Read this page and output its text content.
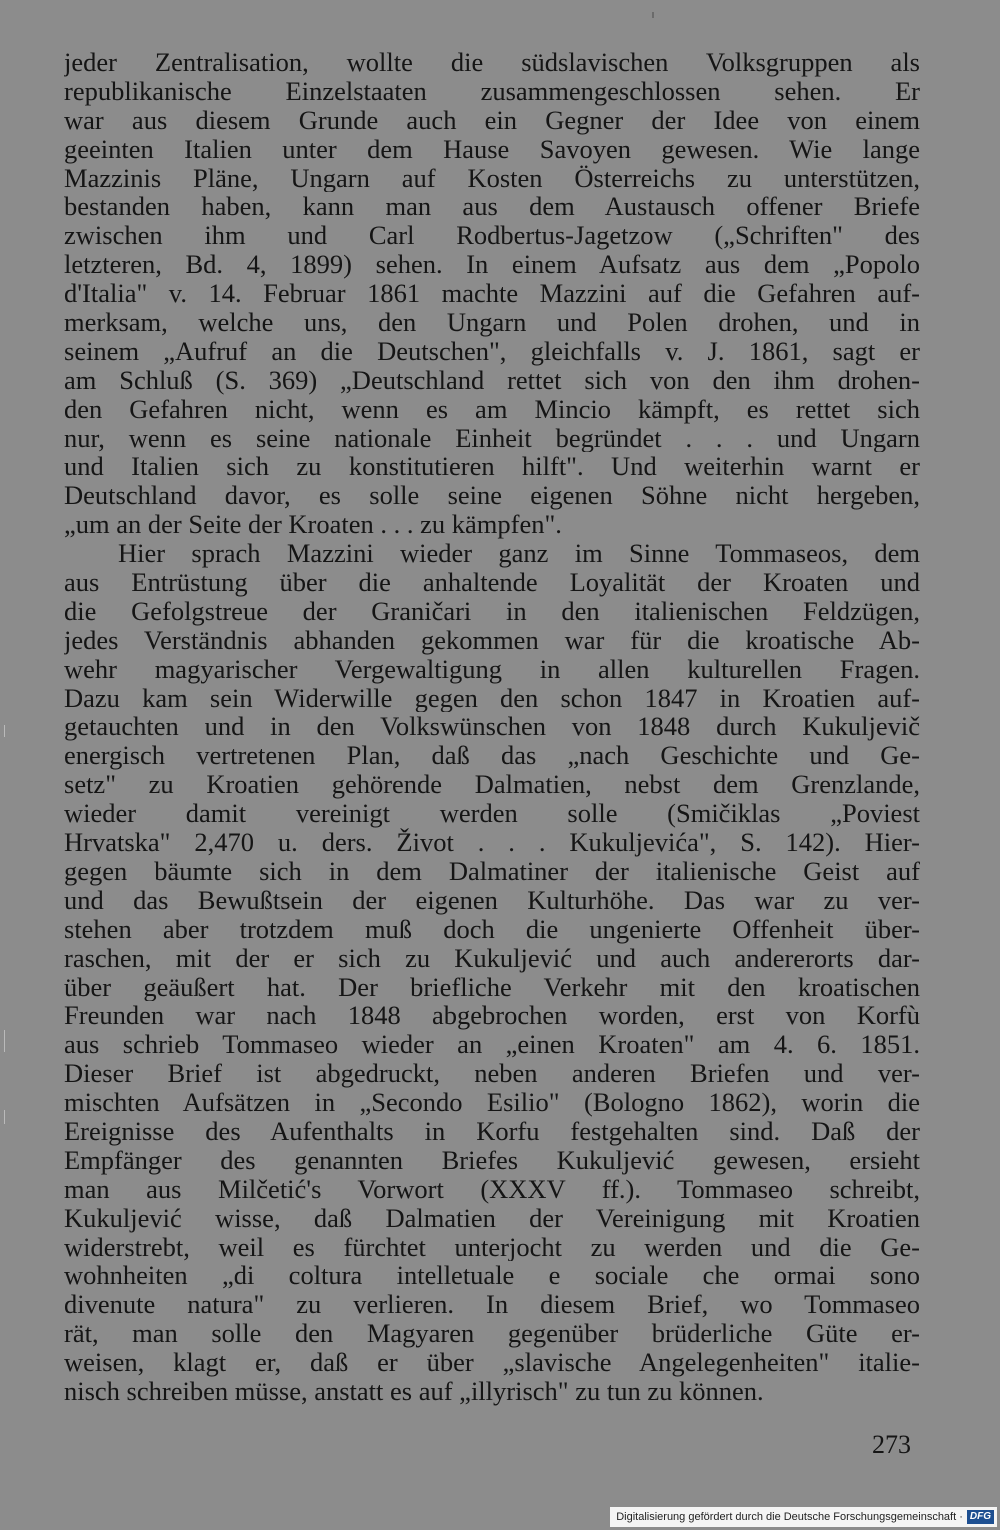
jeder Zentralisation, wollte die südslavischen Volksgruppen als
republikanische Einzelstaaten zusammengeschlossen sehen. Er
war aus diesem Grunde auch ein Gegner der Idee von einem
geeinten Italien unter dem Hause Savoyen gewesen. Wie lange
Mazzinis Pläne, Ungarn auf Kosten Österreichs zu unterstützen,
bestanden haben, kann man aus dem Austausch offener Briefe
zwischen ihm und Carl Rodbertus-Jagetzow („Schriften" des
letzteren, Bd. 4, 1899) sehen. In einem Aufsatz aus dem „Popolo
d'Italia" v. 14. Februar 1861 machte Mazzini auf die Gefahren auf-
merksam, welche uns, den Ungarn und Polen drohen, und in
seinem „Aufruf an die Deutschen", gleichfalls v. J. 1861, sagt er
am Schluß (S. 369) „Deutschland rettet sich von den ihm drohen-
den Gefahren nicht, wenn es am Mincio kämpft, es rettet sich
nur, wenn es seine nationale Einheit begründet . . . und Ungarn
und Italien sich zu konstitutieren hilft". Und weiterhin warnt er
Deutschland davor, es solle seine eigenen Söhne nicht hergeben,
„um an der Seite der Kroaten . . . zu kämpfen".
Hier sprach Mazzini wieder ganz im Sinne Tommaseos, dem
aus Entrüstung über die anhaltende Loyalität der Kroaten und
die Gefolgstreue der Graničari in den italienischen Feldzügen,
jedes Verständnis abhanden gekommen war für die kroatische Ab-
wehr magyarischer Vergewaltigung in allen kulturellen Fragen.
Dazu kam sein Widerwille gegen den schon 1847 in Kroatien auf-
getauchten und in den Volkswünschen von 1848 durch Kukuljevič
energisch vertretenen Plan, daß das „nach Geschichte und Ge-
setz" zu Kroatien gehörende Dalmatien, nebst dem Grenzlande,
wieder damit vereinigt werden solle (Smičiklas „Poviest
Hrvatska" 2,470 u. ders. Život . . . Kukuljevića", S. 142). Hier-
gegen bäumte sich in dem Dalmatiner der italienische Geist auf
und das Bewußtsein der eigenen Kulturhöhe. Das war zu ver-
stehen aber trotzdem muß doch die ungenierte Offenheit über-
raschen, mit der er sich zu Kukuljević und auch andererorts dar-
über geäußert hat. Der briefliche Verkehr mit den kroatischen
Freunden war nach 1848 abgebrochen worden, erst von Korfù
aus schrieb Tommaseo wieder an „einen Kroaten" am 4. 6. 1851.
Dieser Brief ist abgedruckt, neben anderen Briefen und ver-
mischten Aufsätzen in „Secondo Esilio" (Bologno 1862), worin die
Ereignisse des Aufenthalts in Korfu festgehalten sind. Daß der
Empfänger des genannten Briefes Kukuljević gewesen, ersieht
man aus Milčetić's Vorwort (XXXV ff.). Tommaseo schreibt,
Kukuljević wisse, daß Dalmatien der Vereinigung mit Kroatien
widerstrebt, weil es fürchtet unterjocht zu werden und die Ge-
wohnheiten „di coltura intelletuale e sociale che ormai sono
divenute natura" zu verlieren. In diesem Brief, wo Tommaseo
rät, man solle den Magyaren gegenüber brüderliche Güte er-
weisen, klagt er, daß er über „slavische Angelegenheiten" italie-
nisch schreiben müsse, anstatt es auf „illyrisch" zu tun zu können.
273
Digitalisierung gefördert durch die Deutsche Forschungsgemeinschaft · DFG
